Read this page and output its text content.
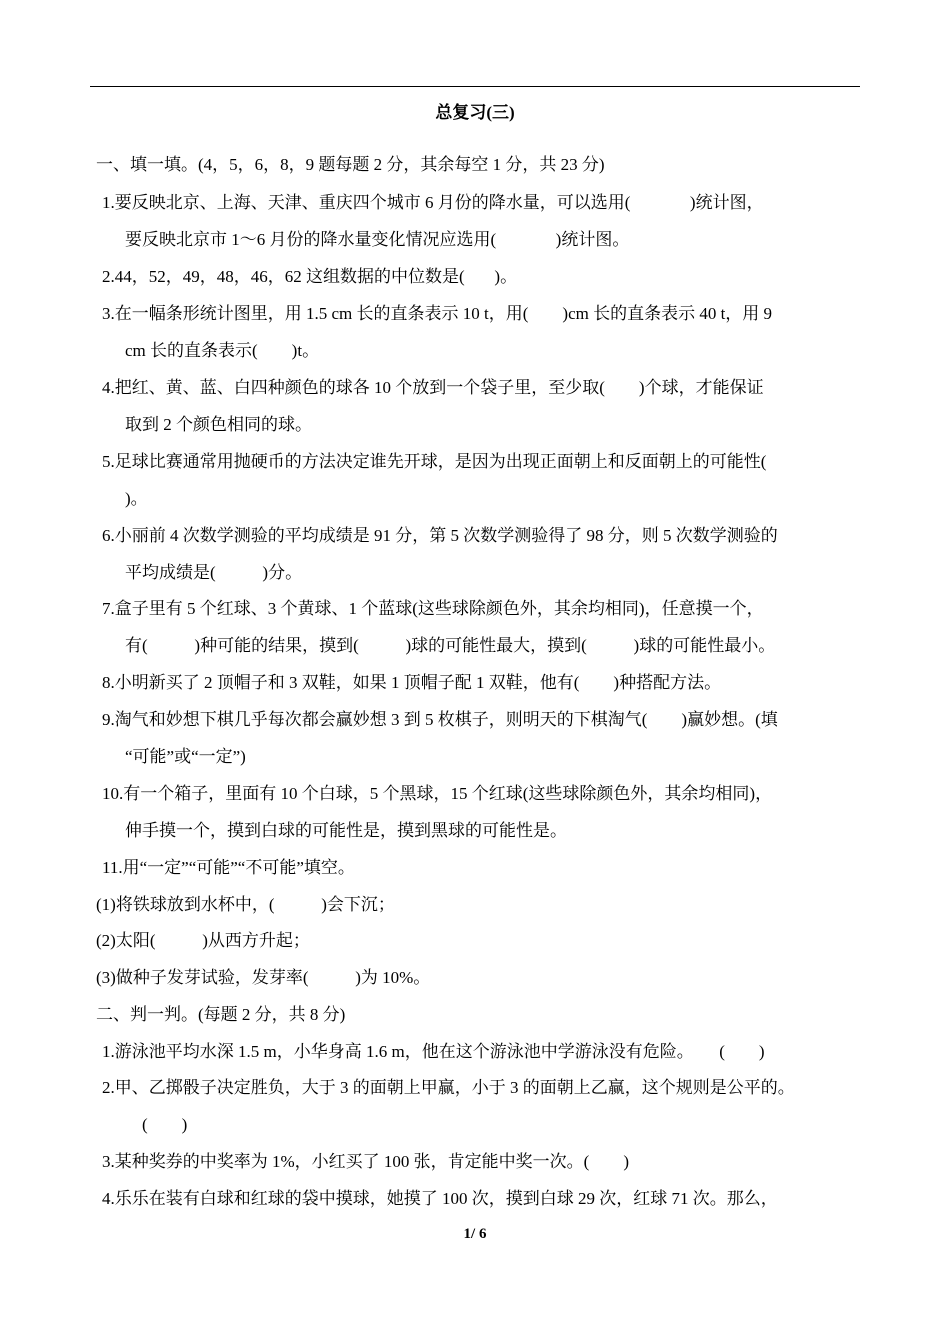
总复习(三)
一、填一填。(4，5，6，8，9 题每题 2 分，其余每空 1 分，共 23 分)
1.要反映北京、上海、天津、重庆四个城市 6 月份的降水量，可以选用(              )统计图，
要反映北京市 1～6 月份的降水量变化情况应选用(              )统计图。
2.44，52，49，48，46，62 这组数据的中位数是(       )。
3.在一幅条形统计图里，用 1.5 cm 长的直条表示 10 t，用(        )cm 长的直条表示 40 t，用 9
cm 长的直条表示(        )t。
4.把红、黄、蓝、白四种颜色的球各 10 个放到一个袋子里，至少取(        )个球，才能保证
取到 2 个颜色相同的球。
5.足球比赛通常用抛硬币的方法决定谁先开球，是因为出现正面朝上和反面朝上的可能性(
)。
6.小丽前 4 次数学测验的平均成绩是 91 分，第 5 次数学测验得了 98 分，则 5 次数学测验的
平均成绩是(           )分。
7.盒子里有 5 个红球、3 个黄球、1 个蓝球(这些球除颜色外，其余均相同)，任意摸一个，
有(           )种可能的结果，摸到(           )球的可能性最大，摸到(           )球的可能性最小。
8.小明新买了 2 顶帽子和 3 双鞋，如果 1 顶帽子配 1 双鞋，他有(        )种搭配方法。
9.淘气和妙想下棋几乎每次都会赢妙想 3 到 5 枚棋子，则明天的下棋淘气(        )赢妙想。(填
“可能”或“一定”)
10.有一个箱子，里面有 10 个白球，5 个黑球，15 个红球(这些球除颜色外，其余均相同)，
伸手摸一个，摸到白球的可能性是，摸到黑球的可能性是。
11.用“一定”“可能”“不可能”填空。
(1)将铁球放到水杯中，(           )会下沉；
(2)太阳(           )从西方升起；
(3)做种子发芽试验，发芽率(           )为 10%。
二、判一判。(每题 2 分，共 8 分)
1.游泳池平均水深 1.5 m，小华身高 1.6 m，他在这个游泳池中学游泳没有危险。      (        )
2.甲、乙掷骰子决定胜负，大于 3 的面朝上甲赢，小于 3 的面朝上乙赢，这个规则是公平的。
(        )
3.某种奖券的中奖率为 1%，小红买了 100 张，肯定能中奖一次。(        )
4.乐乐在装有白球和红球的袋中摸球，她摸了 100 次，摸到白球 29 次，红球 71 次。那么，
1/ 6
